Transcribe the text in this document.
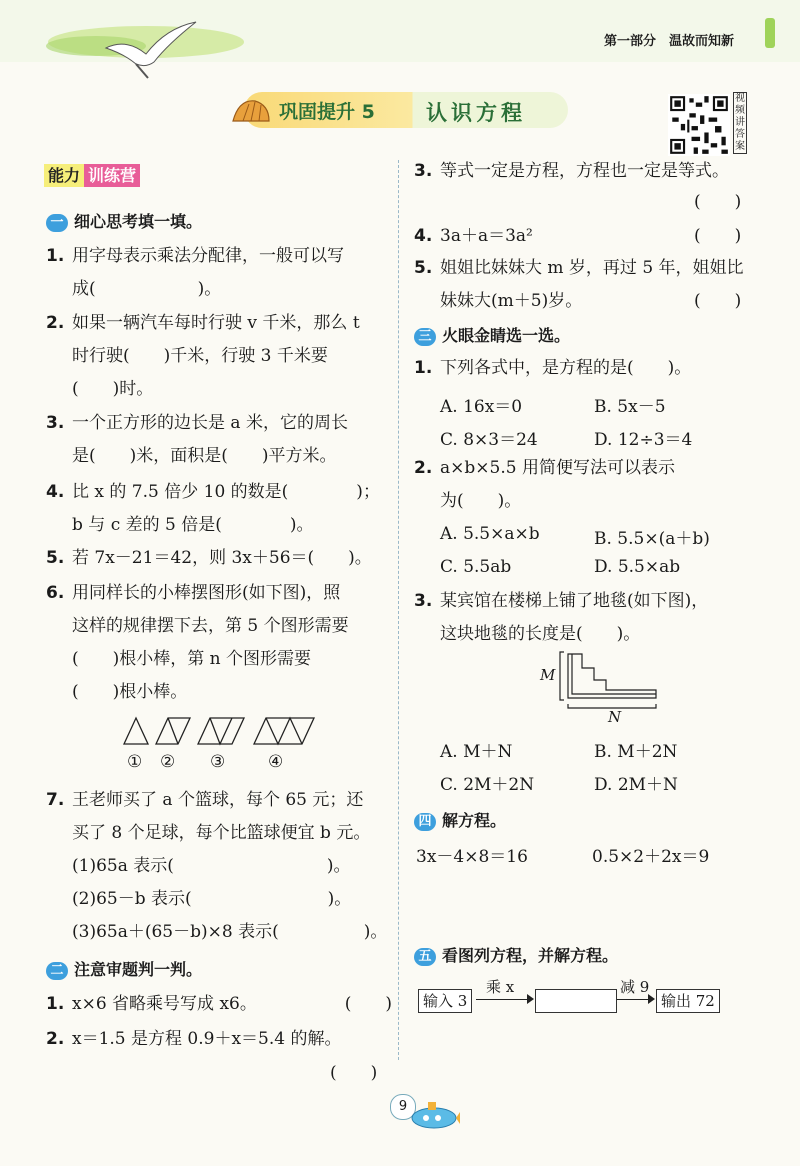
第一部分　温故而知新
巩固提升 5 认识方程
视频讲答案
能力 训练营
一 细心思考填一填。
1. 用字母表示乘法分配律，一般可以写
成(　　　　　　)。
2. 如果一辆汽车每时行驶 v 千米，那么 t
时行驶(　　)千米，行驶 3 千米要
(　　)时。
3. 一个正方形的边长是 a 米，它的周长
是(　　)米，面积是(　　)平方米。
4. 比 x 的 7.5 倍少 10 的数是(　　　　)；
b 与 c 差的 5 倍是(　　　　)。
5. 若 7x－21＝42，则 3x＋56＝(　　)。
6. 用同样长的小棒摆图形(如下图)，照
这样的规律摆下去，第 5 个图形需要
(　　)根小棒，第 n 个图形需要
(　　)根小棒。
① ② ③	④
7. 王老师买了 a 个篮球，每个 65 元；还
买了 8 个足球，每个比篮球便宜 b 元。
(1)65a 表示(　　　　　　　　　)。
(2)65－b 表示(　　　　　　　　)。
(3)65a＋(65－b)×8 表示(　　　　　)。
二 注意审题判一判。
1. x×6 省略乘号写成 x6。	(　　)
2. x＝1.5 是方程 0.9＋x＝5.4 的解。
(　　)
3. 等式一定是方程，方程也一定是等式。
(　　)
4. 3a＋a＝3a²	(　　)
5. 姐姐比妹妹大 m 岁，再过 5 年，姐姐比
妹妹大(m＋5)岁。	(　　)
三 火眼金睛选一选。
1. 下列各式中，是方程的是(　　)。
A. 16x＝0	B. 5x－5
C. 8×3＝24	D. 12÷3＝4
2. a×b×5.5 用简便写法可以表示
为(　　)。
A. 5.5×a×b	B. 5.5×(a＋b)
C. 5.5ab	D. 5.5×ab
3. 某宾馆在楼梯上铺了地毯(如下图)，
这块地毯的长度是(　　)。
M
N
A. M＋N	B. M＋2N
C. 2M＋2N	D. 2M＋N
四 解方程。
3x－4×8＝16	0.5×2＋2x＝9
五 看图列方程，并解方程。
输入 3
乘 x	减 9
输出 72
9
